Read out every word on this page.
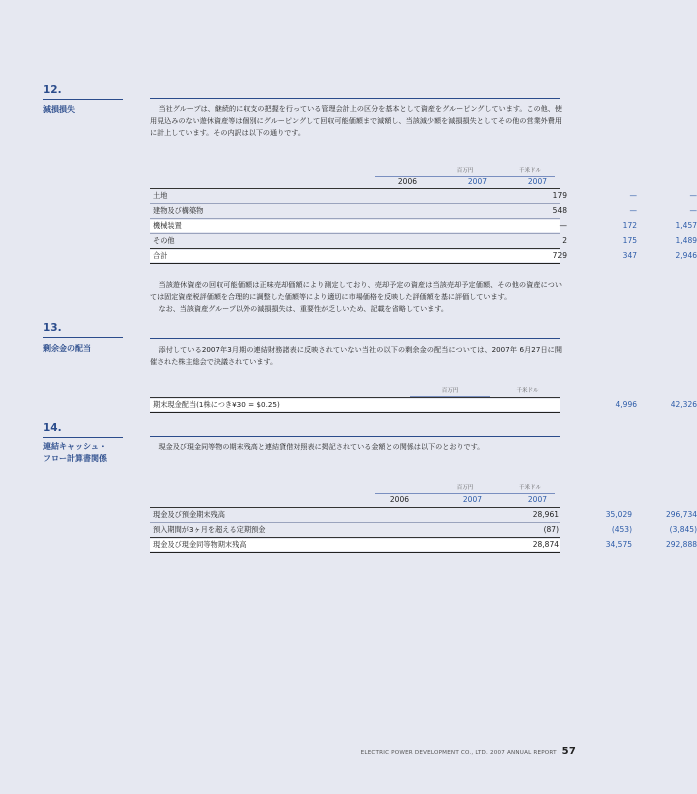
12.
減損損失	当社グループは、継続的に収支の把握を行っている管理会計上の区分を基本として資産をグルーピングしています。この他、使用見込みのない遊休資産等は個別にグルーピングして回収可能価額まで減額し、当該減少額を減損損失としてその他の営業外費用に計上しています。その内訳は以下の通りです。
百万円	千米ドル
2006	2007	2007
土地	179	—	—
建物及び構築物	548	—	—
機械装置	—	172	1,457
その他	2	175	1,489
合計	729	347	2,946

当該遊休資産の回収可能価額は正味売却価額により測定しており、売却予定の資産は当該売却予定価額、その他の資産については固定資産税評価額を合理的に調整した価額等により適切に市場価格を反映した評価額を基に評価しています。

なお、当該資産グループ以外の減損損失は、重要性が乏しいため、記載を省略しています。

13.
剰余金の配当	添付している2007年3月期の連結財務諸表に反映されていない当社の以下の剰余金の配当については、2007年 6月27日に開催された株主総会で決議されています。
百万円	千米ドル
期末現金配当(1株につき¥30 = $0.25)	4,996	42,326
14.
連結キャッシュ・
フロー計算書関係
現金及び現金同等物の期末残高と連結貸借対照表に掲記されている金額との関係は以下のとおりです。
百万円	千米ドル
2006	2007	2007
現金及び預金期末残高	28,961	35,029	296,734
預入期間が3ヶ月を超える定期預金	(87)	(453)	(3,845)
現金及び現金同等物期末残高	28,874	34,575	292,888
ELECTRIC POWER DEVELOPMENT CO., LTD. 2007 ANNUAL REPORT 57
